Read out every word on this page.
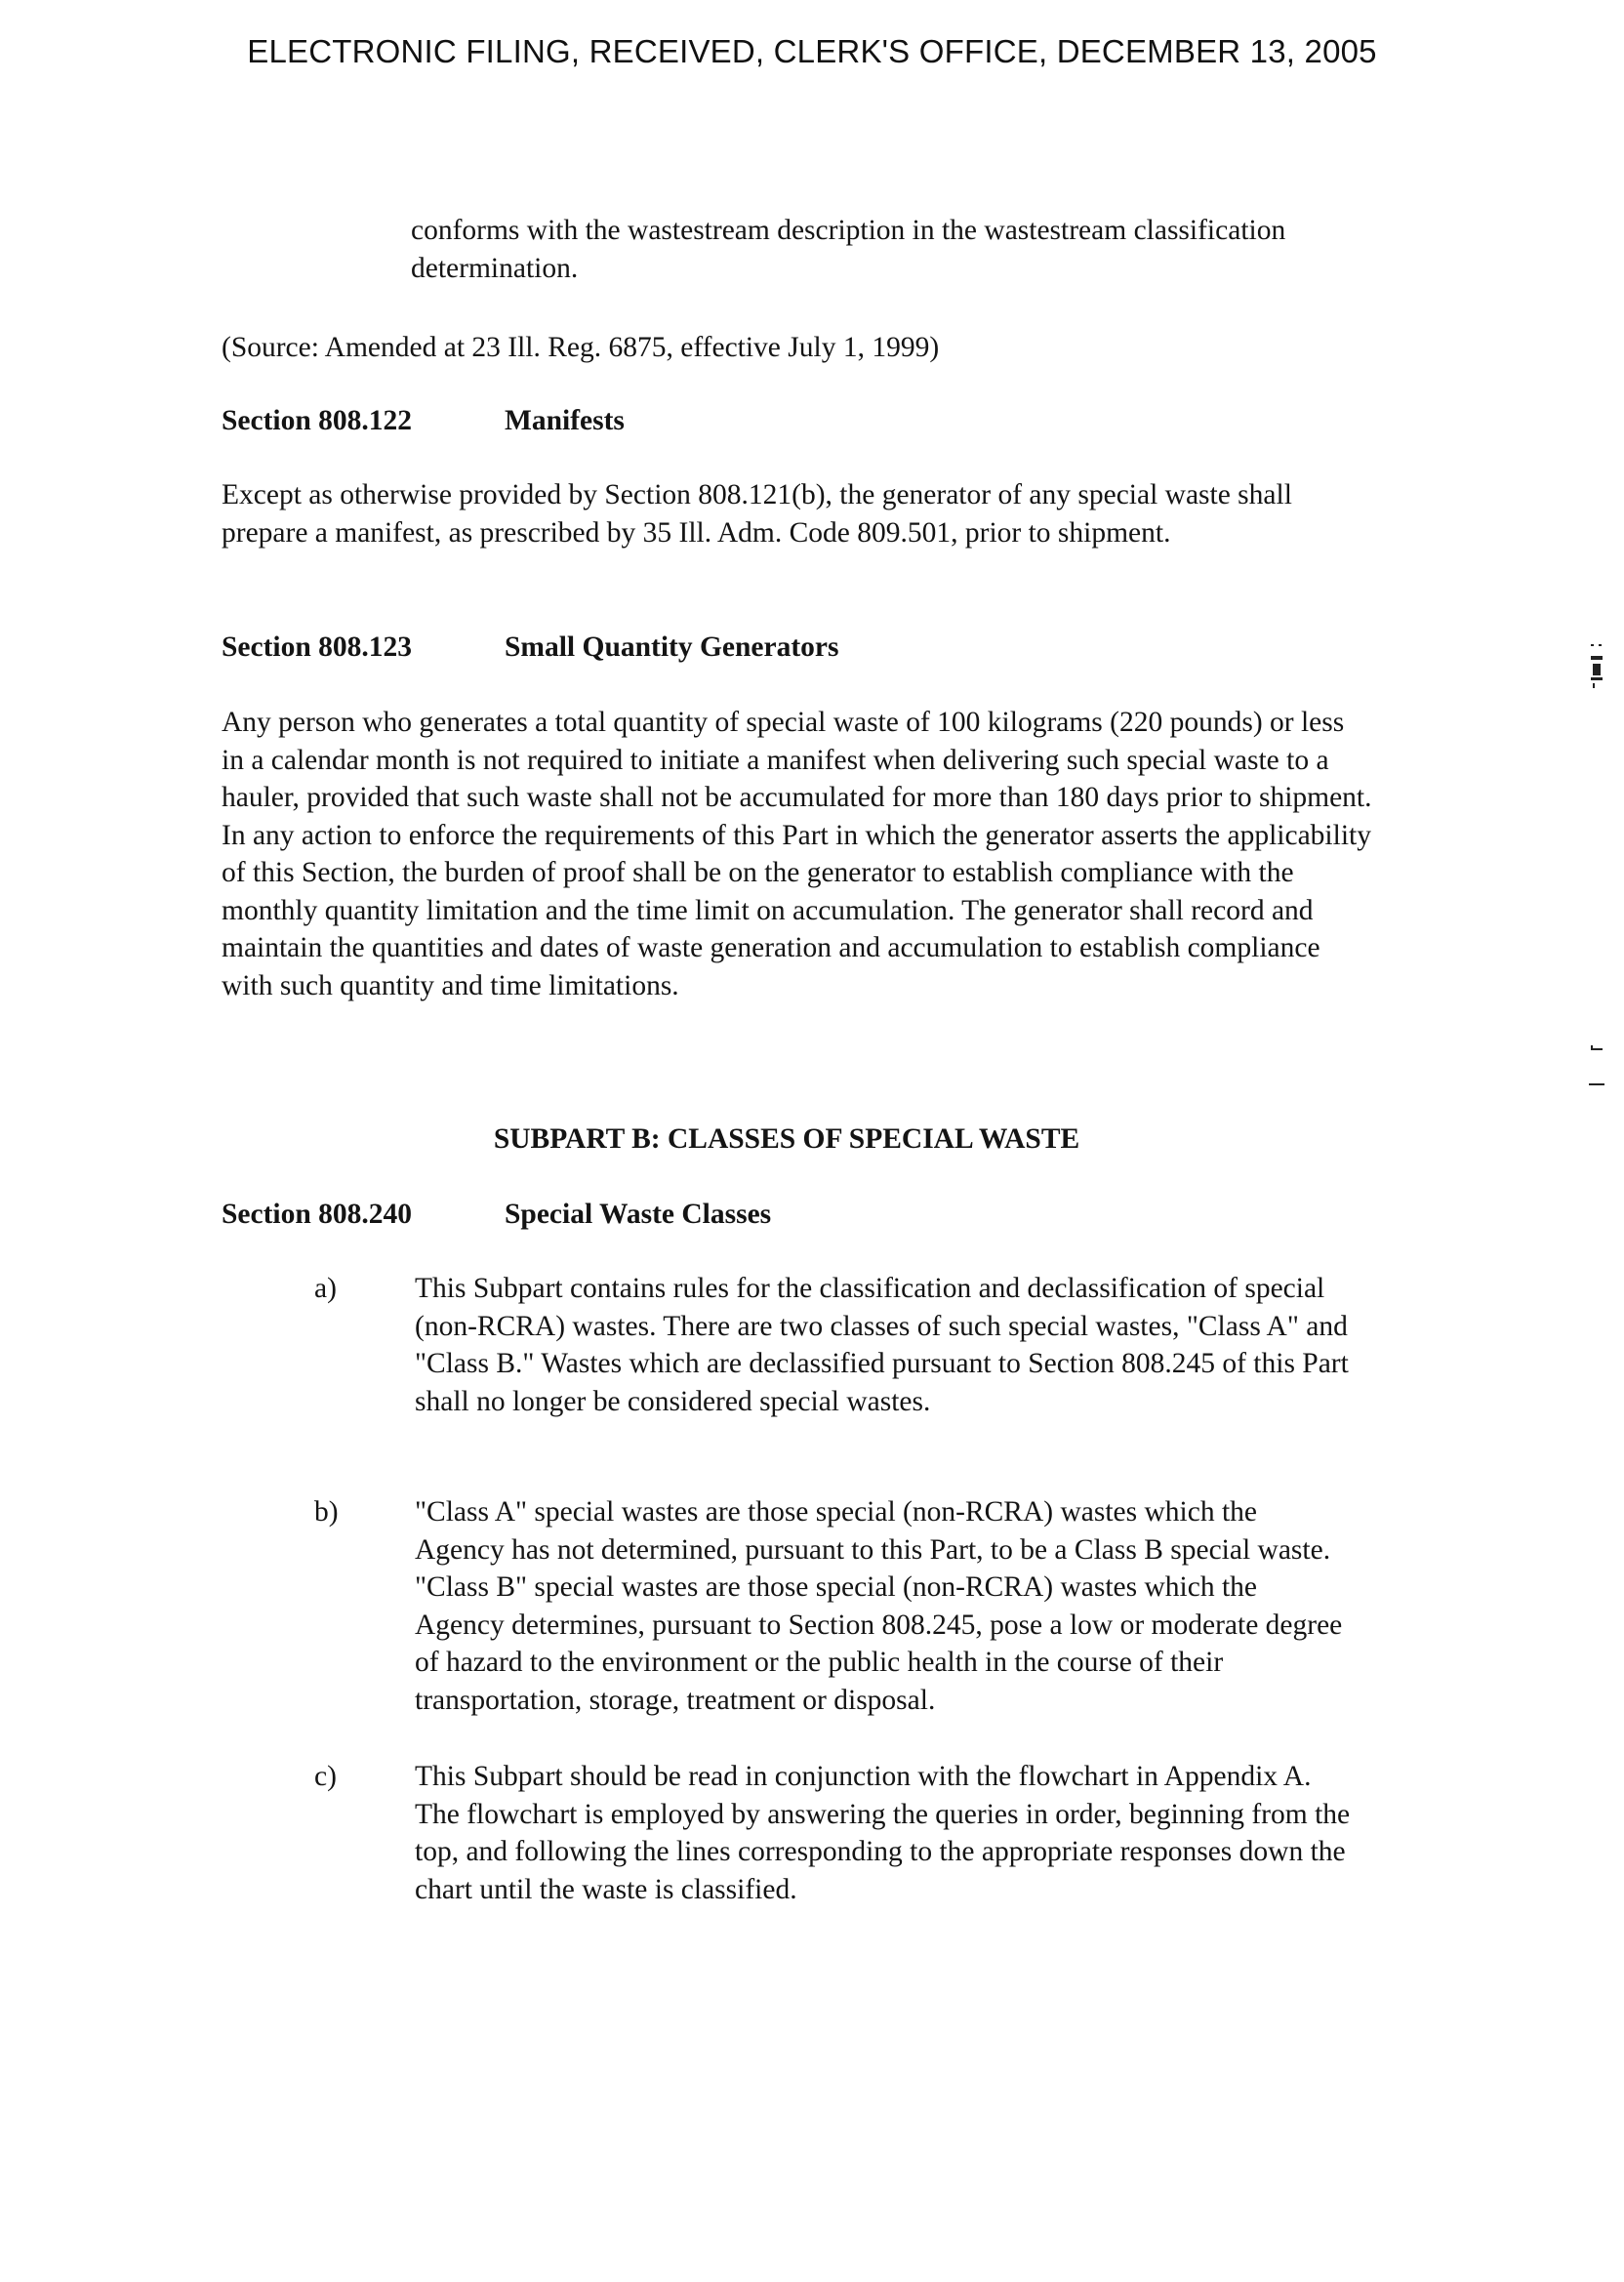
ELECTRONIC FILING, RECEIVED, CLERK'S OFFICE, DECEMBER 13, 2005

conforms with the wastestream description in the wastestream classification determination.

(Source: Amended at 23 Ill. Reg. 6875, effective July 1, 1999)

Section 808.122	Manifests

Except as otherwise provided by Section 808.121(b), the generator of any special waste shall prepare a manifest, as prescribed by 35 Ill. Adm. Code 809.501, prior to shipment.

Section 808.123	Small Quantity Generators

Any person who generates a total quantity of special waste of 100 kilograms (220 pounds) or less in a calendar month is not required to initiate a manifest when delivering such special waste to a hauler, provided that such waste shall not be accumulated for more than 180 days prior to shipment. In any action to enforce the requirements of this Part in which the generator asserts the applicability of this Section, the burden of proof shall be on the generator to establish compliance with the monthly quantity limitation and the time limit on accumulation. The generator shall record and maintain the quantities and dates of waste generation and accumulation to establish compliance with such quantity and time limitations.

SUBPART B: CLASSES OF SPECIAL WASTE
Section 808.240	Special Waste Classes
a)	This Subpart contains rules for the classification and declassification of special (non-RCRA) wastes. There are two classes of such special wastes, "Class A" and "Class B." Wastes which are declassified pursuant to Section 808.245 of this Part shall no longer be considered special wastes.
b)	"Class A" special wastes are those special (non-RCRA) wastes which the Agency has not determined, pursuant to this Part, to be a Class B special waste. "Class B" special wastes are those special (non-RCRA) wastes which the Agency determines, pursuant to Section 808.245, pose a low or moderate degree of hazard to the environment or the public health in the course of their transportation, storage, treatment or disposal.
c)	This Subpart should be read in conjunction with the flowchart in Appendix A. The flowchart is employed by answering the queries in order, beginning from the top, and following the lines corresponding to the appropriate responses down the chart until the waste is classified.
